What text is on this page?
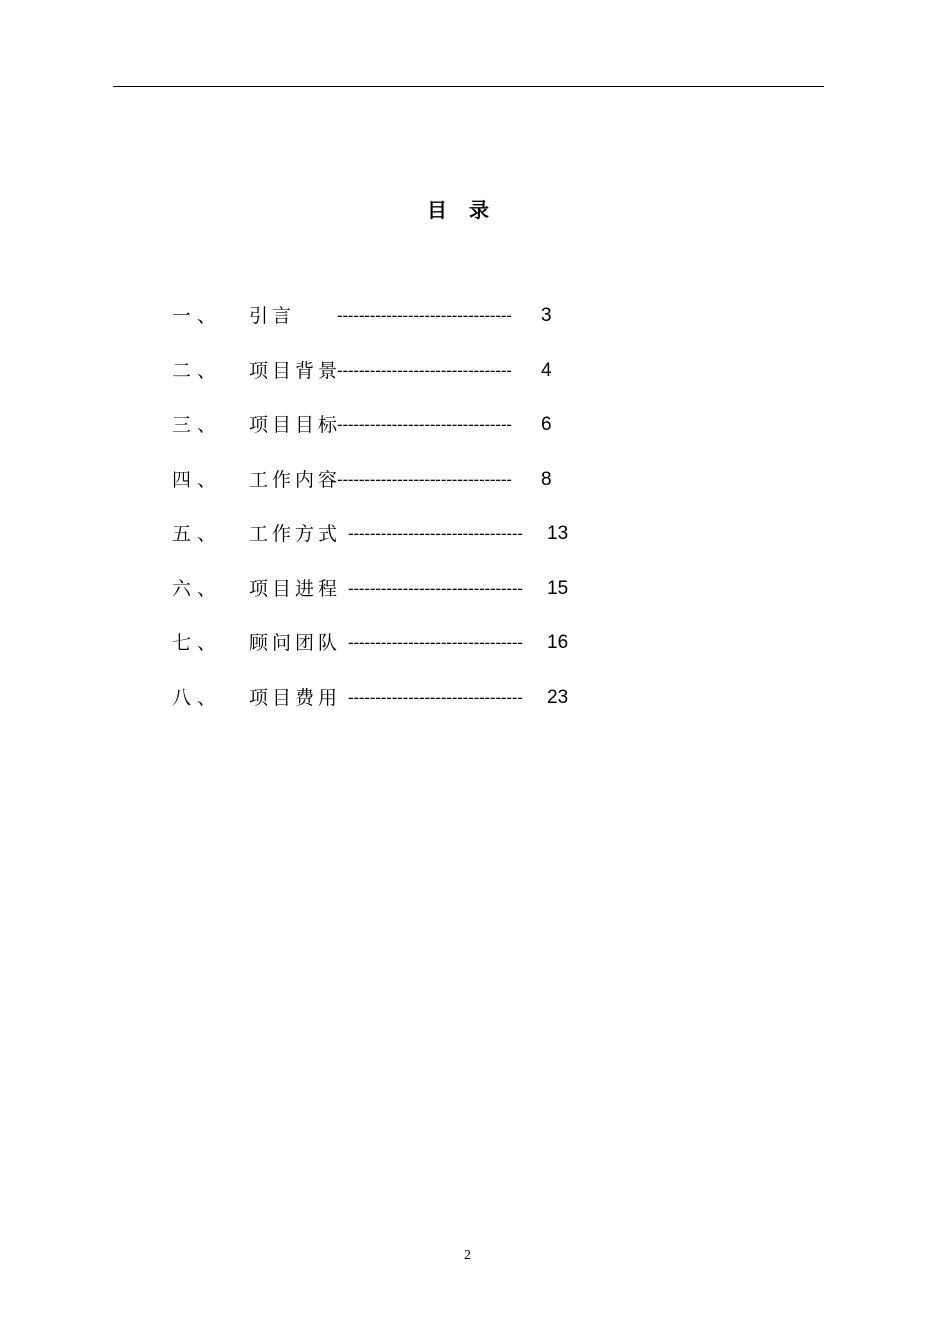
目录
一、 引言 -------------------------------- 3
二、 项目背景
-------------------------------- 4
三、 项目目标
-------------------------------- 6
四、 工作内容
-------------------------------- 8
五、 工作方式 -------------------------------- 13
六、 项目进程 -------------------------------- 15
七、 顾问团队 -------------------------------- 16
八、 项目费用 -------------------------------- 23
2
